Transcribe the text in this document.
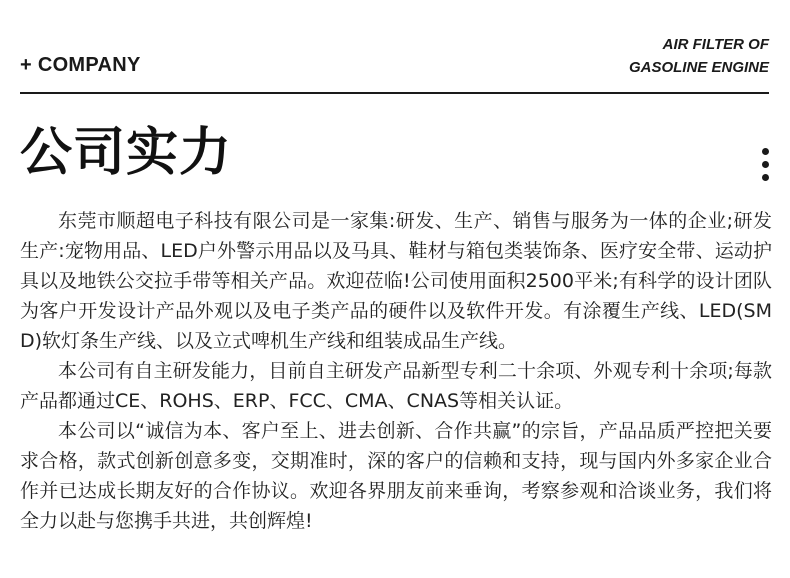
+ COMPANY
AIR FILTER OF
GASOLINE ENGINE
公司实力

东莞市顺超电子科技有限公司是一家集:研发、生产、销售与服务为一体的企业;研发生产:宠物用品、LED户外警示用品以及马具、鞋材与箱包类装饰条、医疗安全带、运动护具以及地铁公交拉手带等相关产品。欢迎莅临!公司使用面积2500平米;有科学的设计团队为客户开发设计产品外观以及电子类产品的硬件以及软件开发。有涂覆生产线、LED(SMD)软灯条生产线、以及立式啤机生产线和组装成品生产线。

本公司有自主研发能力，目前自主研发产品新型专利二十余项、外观专利十余项;每款产品都通过CE、ROHS、ERP、FCC、CMA、CNAS等相关认证。

本公司以“诚信为本、客户至上、进去创新、合作共赢”的宗旨，产品品质严控把关要求合格，款式创新创意多变，交期准时，深的客户的信赖和支持，现与国内外多家企业合作并已达成长期友好的合作协议。欢迎各界朋友前来垂询，考察参观和洽谈业务，我们将全力以赴与您携手共进，共创辉煌!
